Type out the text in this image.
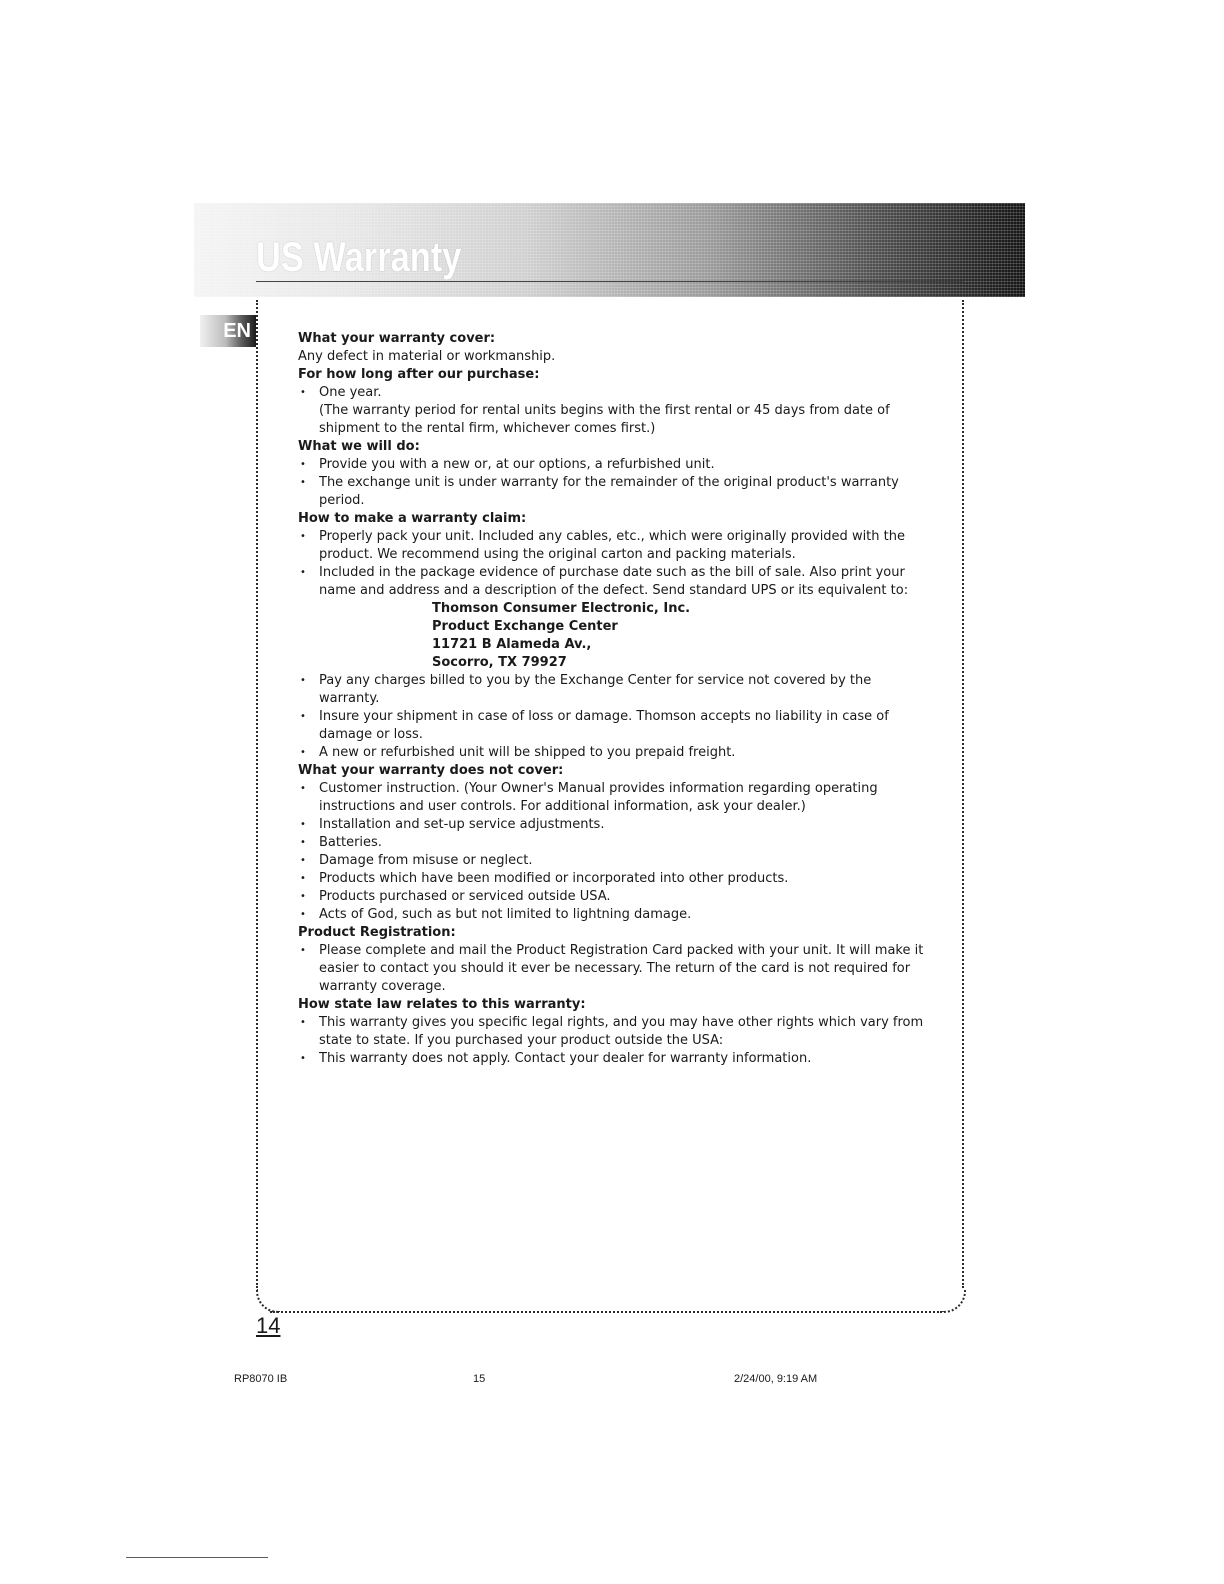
US Warranty
EN	What your warranty cover:

Any defect in material or workmanship.

For how long after our purchase:
• One year.

(The warranty period for rental units begins with the first rental or 45 days from date of shipment to the rental firm, whichever comes first.)

What we will do:
• Provide you with a new or, at our options, a refurbished unit.
• The exchange unit is under warranty for the remainder of the original product's warranty period.
How to make a warranty claim:
• Properly pack your unit. Included any cables, etc., which were originally provided with the product. We recommend using the original carton and packing materials.
• Included in the package evidence of purchase date such as the bill of sale. Also print your name and address and a description of the defect. Send standard UPS or its equivalent to:
Thomson Consumer Electronic, Inc.
Product Exchange Center
11721 B Alameda Av.,
Socorro, TX 79927
• Pay any charges billed to you by the Exchange Center for service not covered by the warranty.
• Insure your shipment in case of loss or damage. Thomson accepts no liability in case of damage or loss.
• A new or refurbished unit will be shipped to you prepaid freight.
What your warranty does not cover:
• Customer instruction. (Your Owner's Manual provides information regarding operating instructions and user controls. For additional information, ask your dealer.)
• Installation and set-up service adjustments.
• Batteries.
• Damage from misuse or neglect.
• Products which have been modified or incorporated into other products.
• Products purchased or serviced outside USA.
• Acts of God, such as but not limited to lightning damage.
Product Registration:
• Please complete and mail the Product Registration Card packed with your unit. It will make it easier to contact you should it ever be necessary. The return of the card is not required for warranty coverage.
How state law relates to this warranty:
• This warranty gives you specific legal rights, and you may have other rights which vary from state to state. If you purchased your product outside the USA:
• This warranty does not apply. Contact your dealer for warranty information.
14
RP8070 IB	15	2/24/00, 9:19 AM
